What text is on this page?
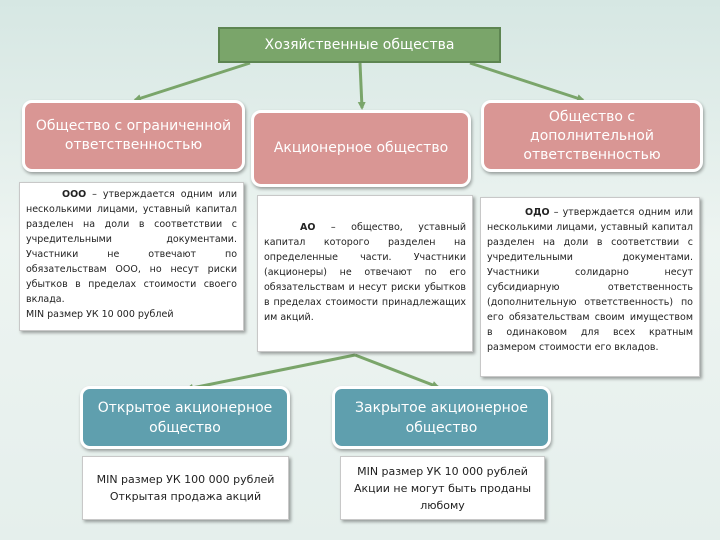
Хозяйственные общества
Общество с ограниченной ответственностью	Акционерное общество
Общество с дополнительной ответственностью

ООО – утверждается одним или несколькими лицами, уставный капитал разделен на доли в соответствии с учредительными документами. Участники не отвечают по обязательствам ООО, но несут риски убытков в пределах стоимости своего вклада.

MIN размер УК 10 000 рублей

АО – общество, уставный капитал которого разделен на определенные части. Участники (акционеры) не отвечают по его обязательствам и несут риски убытков в пределах стоимости принадлежащих им акций.

ОДО – утверждается одним или несколькими лицами, уставный капитал разделен на доли в соответствии с учредительными документами. Участники солидарно несут субсидиарную ответственность (дополнительную ответственность) по его обязательствам своим имуществом в одинаковом для всех кратным размером стоимости его вкладов.

Открытое акционерное общество
Закрытое акционерное общество
MIN размер УК 100 000 рублей
Открытая продажа акций
MIN размер УК 10 000 рублей
Акции не могут быть проданы любому
